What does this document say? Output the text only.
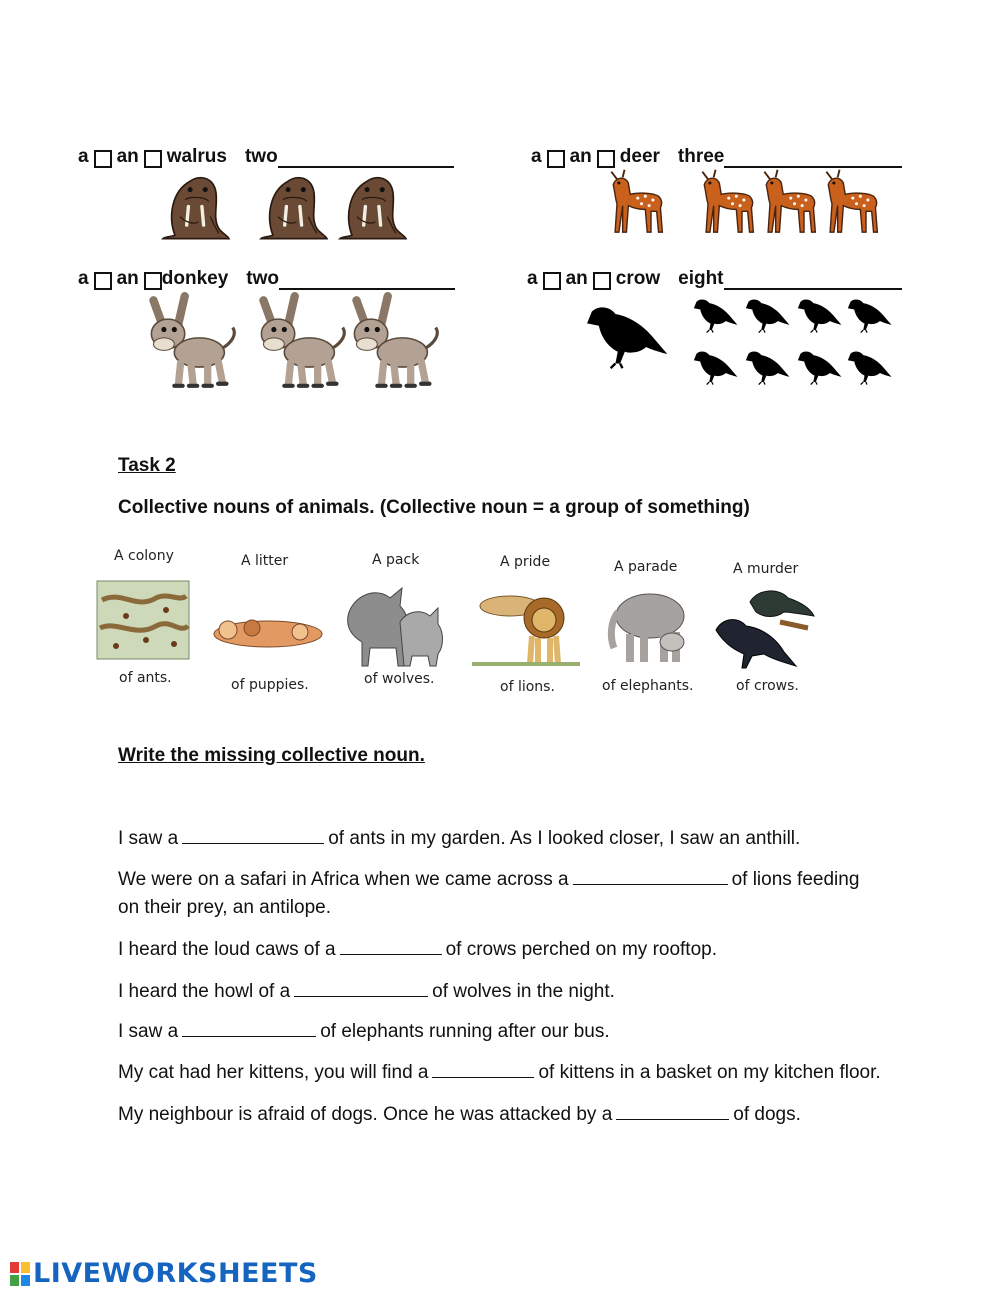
a an walrus two	a an deer three
a an donkey two	a an crow eight
Task 2
Collective nouns of animals. (Collective noun = a group of something)
A colony
of ants.
A litter
of puppies.
A pack
of wolves.
A pride
of lions.
A parade
of elephants.
A murder
of crows.
Write the missing collective noun.
I saw a	of ants in my garden. As I looked closer, I saw an anthill.
We were on a safari in Africa when we came across a	of lions feeding on their prey, an antilope.
I heard the loud caws of a	of crows perched on my rooftop.
I heard the howl of a	of wolves in the night.
I saw a	of elephants running after our bus.
My cat had her kittens, you will find a	of kittens in a basket on my kitchen floor.
My neighbour is afraid of dogs. Once he was attacked by a	of dogs.
LIVEWORKSHEETS
